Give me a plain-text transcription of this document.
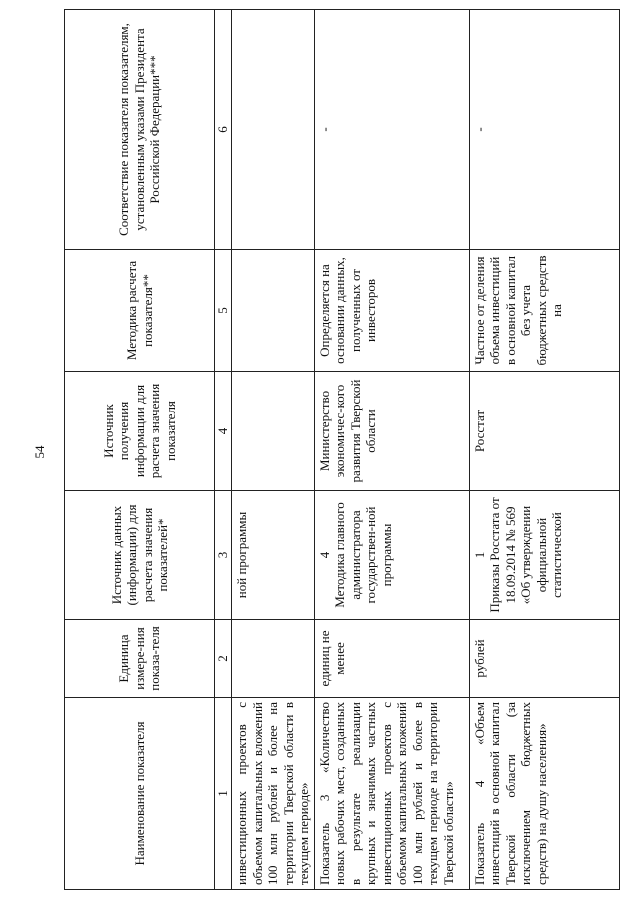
54
Наименование показателя	Единица измере-ния показа-теля	Источник данных (информации) для расчета значения показателей*	Источник получения информации для расчета значения показателя	Методика расчета показателя**	Соответствие показателя показателям, установленным указами Президента Российской Федерации***
1	2	3	4	5	6
инвестиционных проектов с объемом капитальных вложений 100 млн рублей и более на территории Тверской области в текущем периоде»		ной программы			

Показатель 3 «Количество новых рабочих мест, созданных в результате реализации крупных и значимых частных инвестиционных проектов с объемом капитальных вложений 100 млн рублей и более в текущем периоде на территории Тверской области»	единиц не менее	4 Методика главного администратора государствен-ной программы	Министерство экономичес-кого развития Тверской области	Определяется на основании данных, полученных от инвесторов	-
Показатель 4 «Объем инвестиций в основной капитал Тверской области (за исключением бюджетных средств) на душу населения»	рублей	1 Приказы Росстата от 18.09.2014 № 569 «Об утверждении официальной статистической	Росстат	Частное от деления объема инвестиций в основной капитал без учета бюджетных средств на	-
